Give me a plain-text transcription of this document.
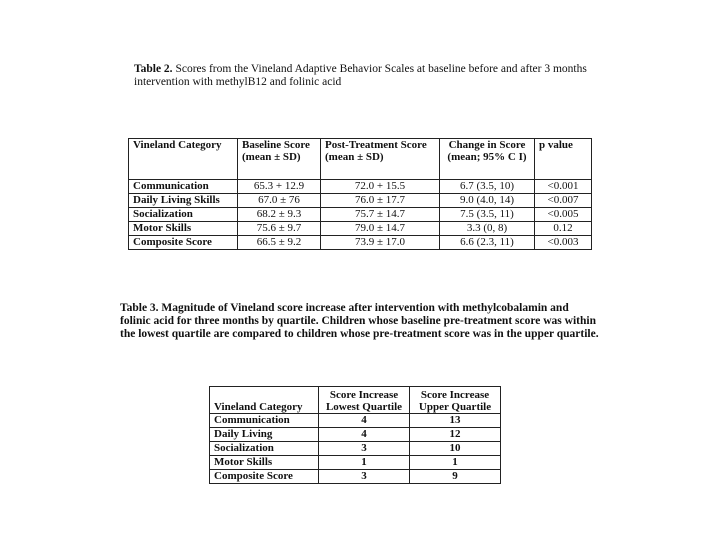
Table 2. Scores from the Vineland Adaptive Behavior Scales at baseline before and after 3 months intervention with methylB12 and folinic acid

Vineland Category	Baseline Score (mean ± SD)	Post-Treatment Score (mean ± SD)	Change in Score (mean; 95% C I)	p value
Communication	65.3 + 12.9	72.0 + 15.5	6.7 (3.5, 10)	<0.001
Daily Living Skills	67.0 ± 76	76.0 ± 17.7	9.0 (4.0, 14)	<0.007
Socialization	68.2 ± 9.3	75.7 ± 14.7	7.5 (3.5, 11)	<0.005
Motor Skills	75.6 ± 9.7	79.0 ± 14.7	3.3 (0, 8)	0.12
Composite Score	66.5 ± 9.2	73.9 ± 17.0	6.6 (2.3, 11)	<0.003

Table 3. Magnitude of Vineland score increase after intervention with methylcobalamin and folinic acid for three months by quartile. Children whose baseline pre-treatment score was within the lowest quartile are compared to children whose pre-treatment score was in the upper quartile.

Vineland Category	Score Increase Lowest Quartile	Score Increase Upper Quartile
Communication	4	13
Daily Living	4	12
Socialization	3	10
Motor Skills	1	1
Composite Score	3	9
